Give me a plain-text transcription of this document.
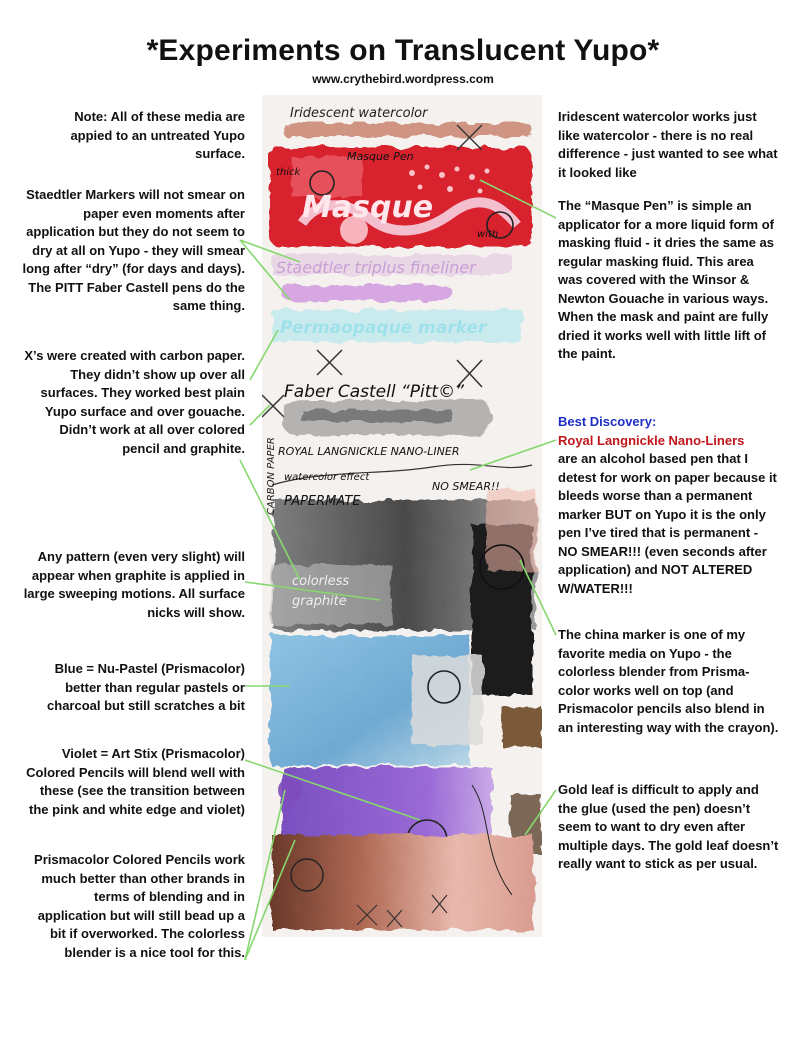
*Experiments on Translucent Yupo*
www.crythebird.wordpress.com
Note: All of these media are appied to an untreated Yupo surface.
Staedtler Markers will not smear on paper even moments after application but they do not seem to dry at all on Yupo - they will smear long after “dry” (for days and days). The PITT Faber Castell pens do the same thing.
X’s were created with carbon paper. They didn’t show up over all surfaces. They worked best plain Yupo surface and over gouache. Didn’t work at all over colored pencil and graphite.
Any pattern (even very slight) will appear when graphite is applied in large sweeping motions. All surface nicks will show.
Blue = Nu-Pastel (Prismacolor) better than regular pastels or charcoal but still scratches a bit
Violet = Art Stix (Prismacolor) Colored Pencils will blend well with these (see the transition between the pink and white edge and violet)
Prismacolor Colored Pencils work much better than other brands in terms of blending and in application but will still bead up a bit if overworked. The colorless blender is a nice tool for this.
Iridescent watercolor works just like watercolor - there is no real difference - just wanted to see what it looked like
The “Masque Pen” is simple an applicator for a more liquid form of masking fluid - it dries the same as regular masking fluid. This area was covered with the Winsor & Newton Gouache in various ways. When the mask and paint are fully dried it works well with little lift of the paint.
Best Discovery:
Royal Langnickle Nano-Liners
are an alcohol based pen that I detest for work on paper because it bleeds worse than a permanent marker BUT on Yupo it is the only pen I’ve tired that is permanent - NO SMEAR!!! (even seconds after application) and NOT ALTERED W/WATER!!!
The china marker is one of my favorite media on Yupo - the colorless blender from Prisma-color works well on top (and Prismacolor pencils also blend in an interesting way with the crayon).
Gold leaf is difficult to apply and the glue (used the pen) doesn’t seem to want to dry even after multiple days. The gold leaf doesn’t really want to stick as per usual.
Iridescent watercolor
Masque Pen
thick
Masque
with
Staedtler triplus fineliner
Permaopaque marker
Faber Castell “Pitt©”
ROYAL LANGNICKLE NANO-LINER
watercolor effect
NO SMEAR!!
PAPERMATE
CARBON PAPER
colorless
graphite
